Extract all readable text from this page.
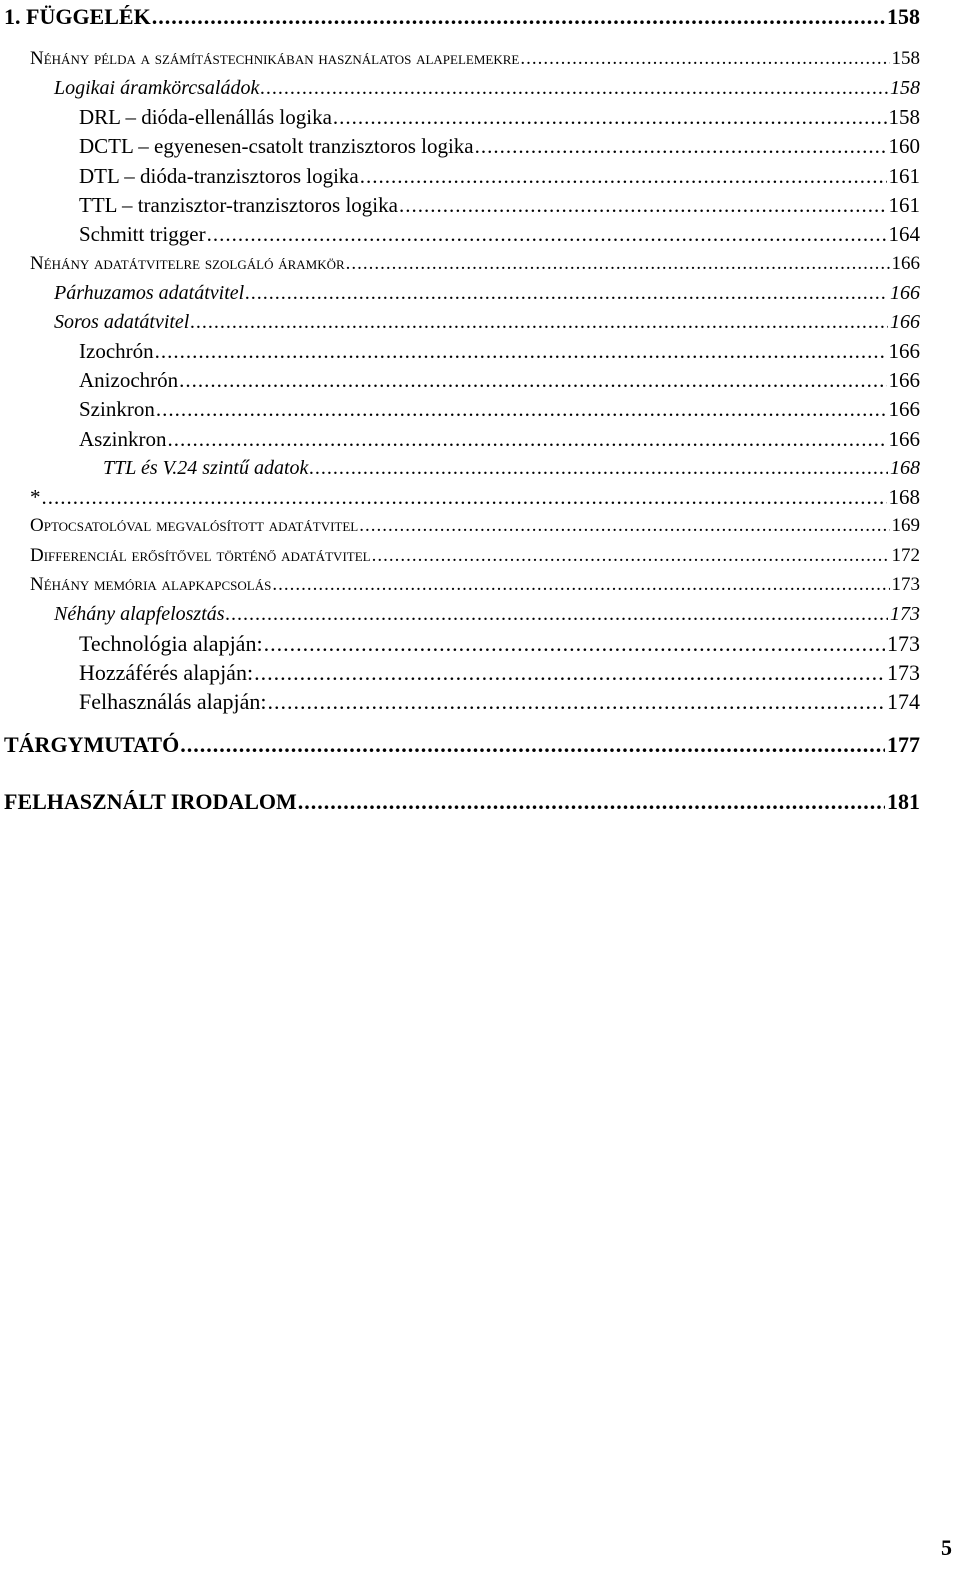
1. FÜGGELÉK .....	158
Néhány példa a számítástechnikában használatos alapelemekre .....	158
Logikai áramkörcsaládok .....	158
DRL – dióda-ellenállás logika .....	158
DCTL – egyenesen-csatolt tranzisztoros logika .....	160
DTL – dióda-tranzisztoros logika .....	161
TTL – tranzisztor-tranzisztoros logika .....	161
Schmitt trigger .....	164
Néhány adatátvitelre szolgáló áramkör .....	166
Párhuzamos adatátvitel .....	166
Soros adatátvitel .....	166
Izochrón .....	166
Anizochrón .....	166
Szinkron .....	166
Aszinkron .....	166
TTL és V.24 szintű adatok .....	168
* .....	168
Optocsatolóval megvalósított adatátvitel .....	169
Differenciál erősítővel történő adatátvitel .....	172
Néhány memória alapkapcsolás .....	173
Néhány alapfelosztás .....	173
Technológia alapján: .....	173
Hozzáférés alapján: .....	173
Felhasználás alapján: .....	174
TÁRGYMUTATÓ .....	177
FELHASZNÁLT IRODALOM .....	181
5
